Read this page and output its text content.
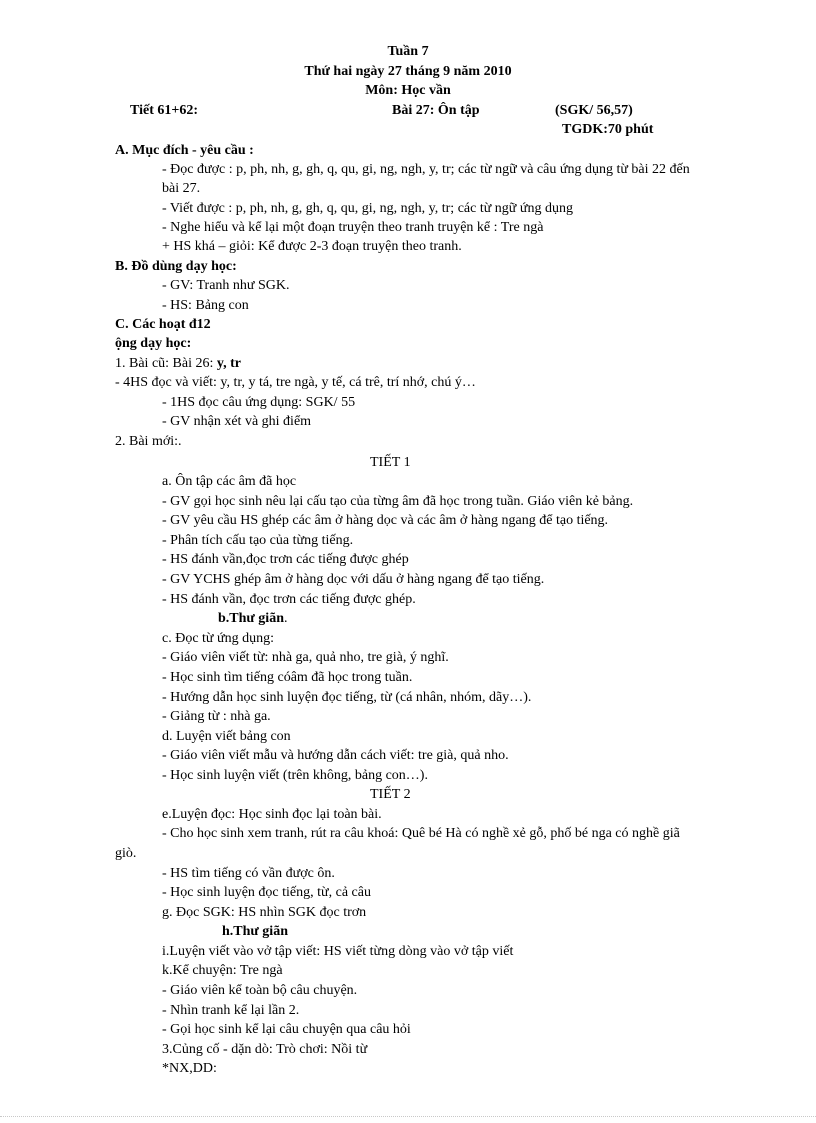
Tuần 7
Thứ hai ngày 27 tháng 9 năm 2010
Môn: Học vần
Tiết 61+62:	Bài 27: Ôn tập	(SGK/ 56,57)
TGDK:70 phút
A. Mục đích - yêu cầu :
- Đọc được : p, ph, nh, g, gh, q, qu, gi, ng, ngh, y, tr; các từ ngữ và câu ứng dụng từ bài 22 đến
bài 27.
- Viết được : p, ph, nh, g, gh, q, qu, gi, ng, ngh, y, tr; các từ ngữ ứng dụng
- Nghe hiểu và kể lại một đoạn truyện theo tranh truyện kể : Tre ngà
+ HS khá – giỏi: Kể được 2-3 đoạn truyện theo tranh.
B. Đồ dùng dạy học:
- GV: Tranh như SGK.
- HS: Bảng con
C. Các hoạt đ12
ộng dạy học:
1. Bài cũ: Bài 26: y, tr
- 4HS đọc và viết: y, tr, y tá, tre ngà, y tế, cá trê, trí nhớ, chú ý…
- 1HS đọc câu ứng dụng: SGK/ 55
- GV nhận xét và ghi điểm
2. Bài mới:.
TIẾT 1
a. Ôn tập các âm đã học
- GV gọi học sinh nêu lại cấu tạo của từng âm đã học trong tuần. Giáo viên kẻ bảng.
- GV yêu cầu HS ghép các âm ở hàng dọc và các âm ở hàng ngang để tạo tiếng.
- Phân tích cấu tạo của từng tiếng.
- HS đánh vần,đọc trơn các tiếng được ghép
- GV YCHS ghép âm ở hàng dọc với dấu ở hàng ngang để tạo tiếng.
- HS đánh vần, đọc trơn các tiếng được ghép.
b.Thư giãn.
c. Đọc từ ứng dụng:
- Giáo viên viết từ: nhà ga, quả nho, tre già, ý nghĩ.
- Học sinh tìm tiếng cóâm đã học trong tuần.
- Hướng dẫn học sinh luyện đọc tiếng, từ (cá nhân, nhóm, dãy…).
- Giảng từ : nhà ga.
d. Luyện viết bảng con
- Giáo viên viết mẫu và hướng dẫn cách viết: tre già, quả nho.
- Học sinh luyện viết (trên không, bảng con…).
TIẾT 2
e.Luyện đọc: Học sinh đọc lại toàn bài.
- Cho học sinh xem tranh, rút ra câu khoá: Quê bé Hà có nghề xẻ gỗ, phố bé nga có nghề giã
giò.
- HS tìm tiếng có vần được ôn.
- Học sinh luyện đọc tiếng, từ, cả câu
g. Đọc SGK: HS nhìn SGK đọc trơn
h.Thư giãn
i.Luyện viết vào vở tập viết: HS viết từng dòng vào vở tập viết
k.Kể chuyện: Tre ngà
- Giáo viên kể toàn bộ câu chuyện.
- Nhìn tranh kể lại lần 2.
- Gọi học sinh kể lại câu chuyện qua câu hỏi
3.Củng cố - dặn dò: Trò chơi: Nồi từ
*NX,DD:
